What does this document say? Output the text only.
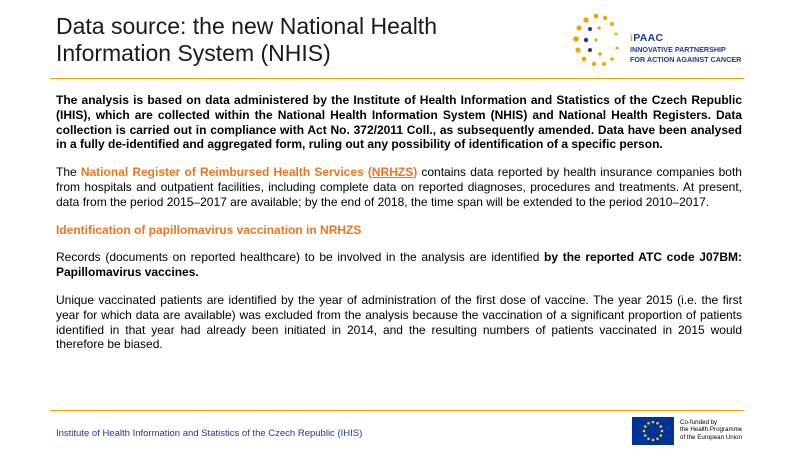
Data source: the new National Health Information System (NHIS)
iPAAC
INNOVATIVE PARTNERSHIP
FOR ACTION AGAINST CANCER

The analysis is based on data administered by the Institute of Health Information and Statistics of the Czech Republic (IHIS), which are collected within the National Health Information System (NHIS) and National Health Registers. Data collection is carried out in compliance with Act No. 372/2011 Coll., as subsequently amended. Data have been analysed in a fully de-identified and aggregated form, ruling out any possibility of identification of a specific person.

The National Register of Reimbursed Health Services (NRHZS) contains data reported by health insurance companies both from hospitals and outpatient facilities, including complete data on reported diagnoses, procedures and treatments. At present, data from the period 2015–2017 are available; by the end of 2018, the time span will be extended to the period 2010–2017.

Identification of papillomavirus vaccination in NRHZS

Records (documents on reported healthcare) to be involved in the analysis are identified by the reported ATC code J07BM: Papillomavirus vaccines.

Unique vaccinated patients are identified by the year of administration of the first dose of vaccine. The year 2015 (i.e. the first year for which data are available) was excluded from the analysis because the vaccination of a significant proportion of patients identified in that year had already been initiated in 2014, and the resulting numbers of patients vaccinated in 2015 would therefore be biased.

Institute of Health Information and Statistics of the Czech Republic (IHIS)
Co-funded by
the Health Programme
of the European Union
